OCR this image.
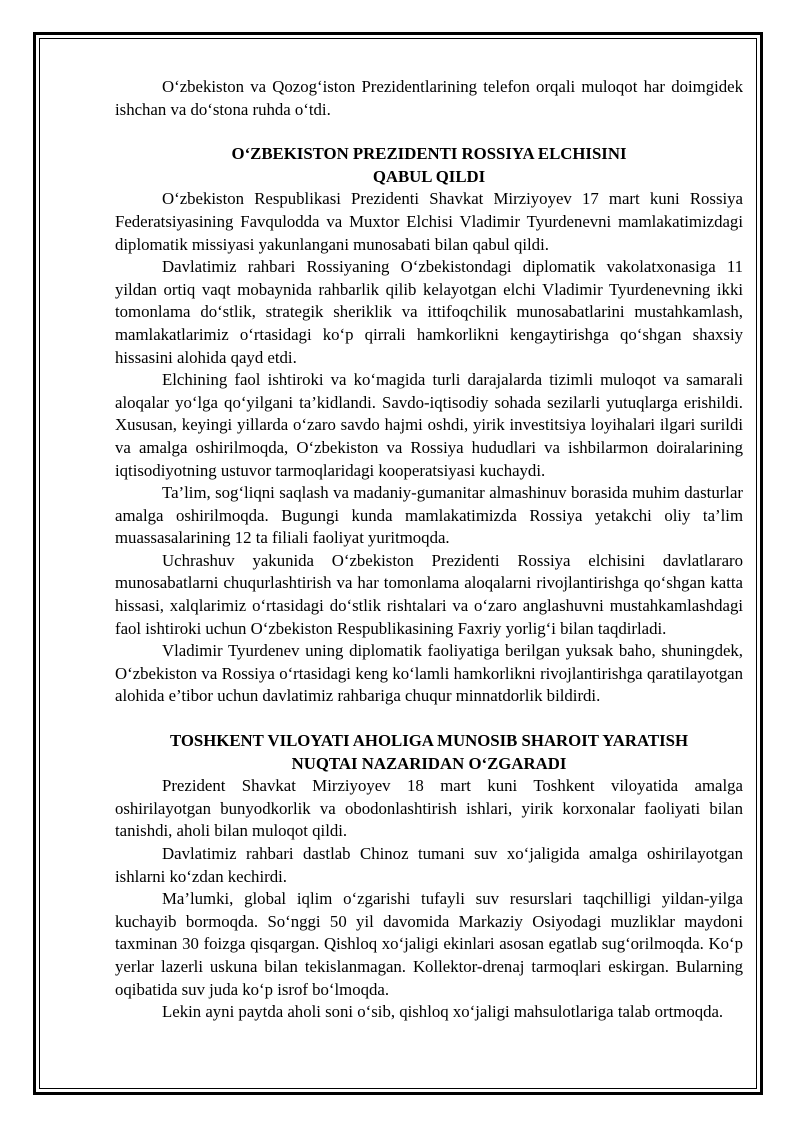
O‘zbekiston va Qozog‘iston Prezidentlarining telefon orqali muloqot har doimgidek ishchan va do‘stona ruhda o‘tdi.

O‘ZBEKISTON PREZIDENTI ROSSIYA ELCHISINI
QABUL QILDI

O‘zbekiston Respublikasi Prezidenti Shavkat Mirziyoyev 17 mart kuni Rossiya Federatsiyasining Favqulodda va Muxtor Elchisi Vladimir Tyurdenevni mamlakatimizdagi diplomatik missiyasi yakunlangani munosabati bilan qabul qildi.

Davlatimiz rahbari Rossiyaning O‘zbekistondagi diplomatik vakolatxonasiga 11 yildan ortiq vaqt mobaynida rahbarlik qilib kelayotgan elchi Vladimir Tyurdenevning ikki tomonlama do‘stlik, strategik sheriklik va ittifoqchilik munosabatlarini mustahkamlash, mamlakatlarimiz o‘rtasidagi ko‘p qirrali hamkorlikni kengaytirishga qo‘shgan shaxsiy hissasini alohida qayd etdi.

Elchining faol ishtiroki va ko‘magida turli darajalarda tizimli muloqot va samarali aloqalar yo‘lga qo‘yilgani ta’kidlandi. Savdo-iqtisodiy sohada sezilarli yutuqlarga erishildi. Xususan, keyingi yillarda o‘zaro savdo hajmi oshdi, yirik investitsiya loyihalari ilgari surildi va amalga oshirilmoqda, O‘zbekiston va Rossiya hududlari va ishbilarmon doiralarining iqtisodiyotning ustuvor tarmoqlaridagi kooperatsiyasi kuchaydi.

Ta’lim, sog‘liqni saqlash va madaniy-gumanitar almashinuv borasida muhim dasturlar amalga oshirilmoqda. Bugungi kunda mamlakatimizda Rossiya yetakchi oliy ta’lim muassasalarining 12 ta filiali faoliyat yuritmoqda.

Uchrashuv yakunida O‘zbekiston Prezidenti Rossiya elchisini davlatlararo munosabatlarni chuqurlashtirish va har tomonlama aloqalarni rivojlantirishga qo‘shgan katta hissasi, xalqlarimiz o‘rtasidagi do‘stlik rishtalari va o‘zaro anglashuvni mustahkamlashdagi faol ishtiroki uchun O‘zbekiston Respublikasining Faxriy yorlig‘i bilan taqdirladi.

Vladimir Tyurdenev uning diplomatik faoliyatiga berilgan yuksak baho, shuningdek, O‘zbekiston va Rossiya o‘rtasidagi keng ko‘lamli hamkorlikni rivojlantirishga qaratilayotgan alohida e’tibor uchun davlatimiz rahbariga chuqur minnatdorlik bildirdi.

TOSHKENT VILOYATI AHOLIGA MUNOSIB SHAROIT YARATISH
NUQTAI NAZARIDAN O‘ZGARADI

Prezident Shavkat Mirziyoyev 18 mart kuni Toshkent viloyatida amalga oshirilayotgan bunyodkorlik va obodonlashtirish ishlari, yirik korxonalar faoliyati bilan tanishdi, aholi bilan muloqot qildi.

Davlatimiz rahbari dastlab Chinoz tumani suv xo‘jaligida amalga oshirilayotgan ishlarni ko‘zdan kechirdi.

Ma’lumki, global iqlim o‘zgarishi tufayli suv resurslari taqchilligi yildan-yilga kuchayib bormoqda. So‘nggi 50 yil davomida Markaziy Osiyodagi muzliklar maydoni taxminan 30 foizga qisqargan. Qishloq xo‘jaligi ekinlari asosan egatlab sug‘orilmoqda. Ko‘p yerlar lazerli uskuna bilan tekislanmagan. Kollektor-drenaj tarmoqlari eskirgan. Bularning oqibatida suv juda ko‘p isrof bo‘lmoqda.

Lekin ayni paytda aholi soni o‘sib, qishloq xo‘jaligi mahsulotlariga talab ortmoqda.
